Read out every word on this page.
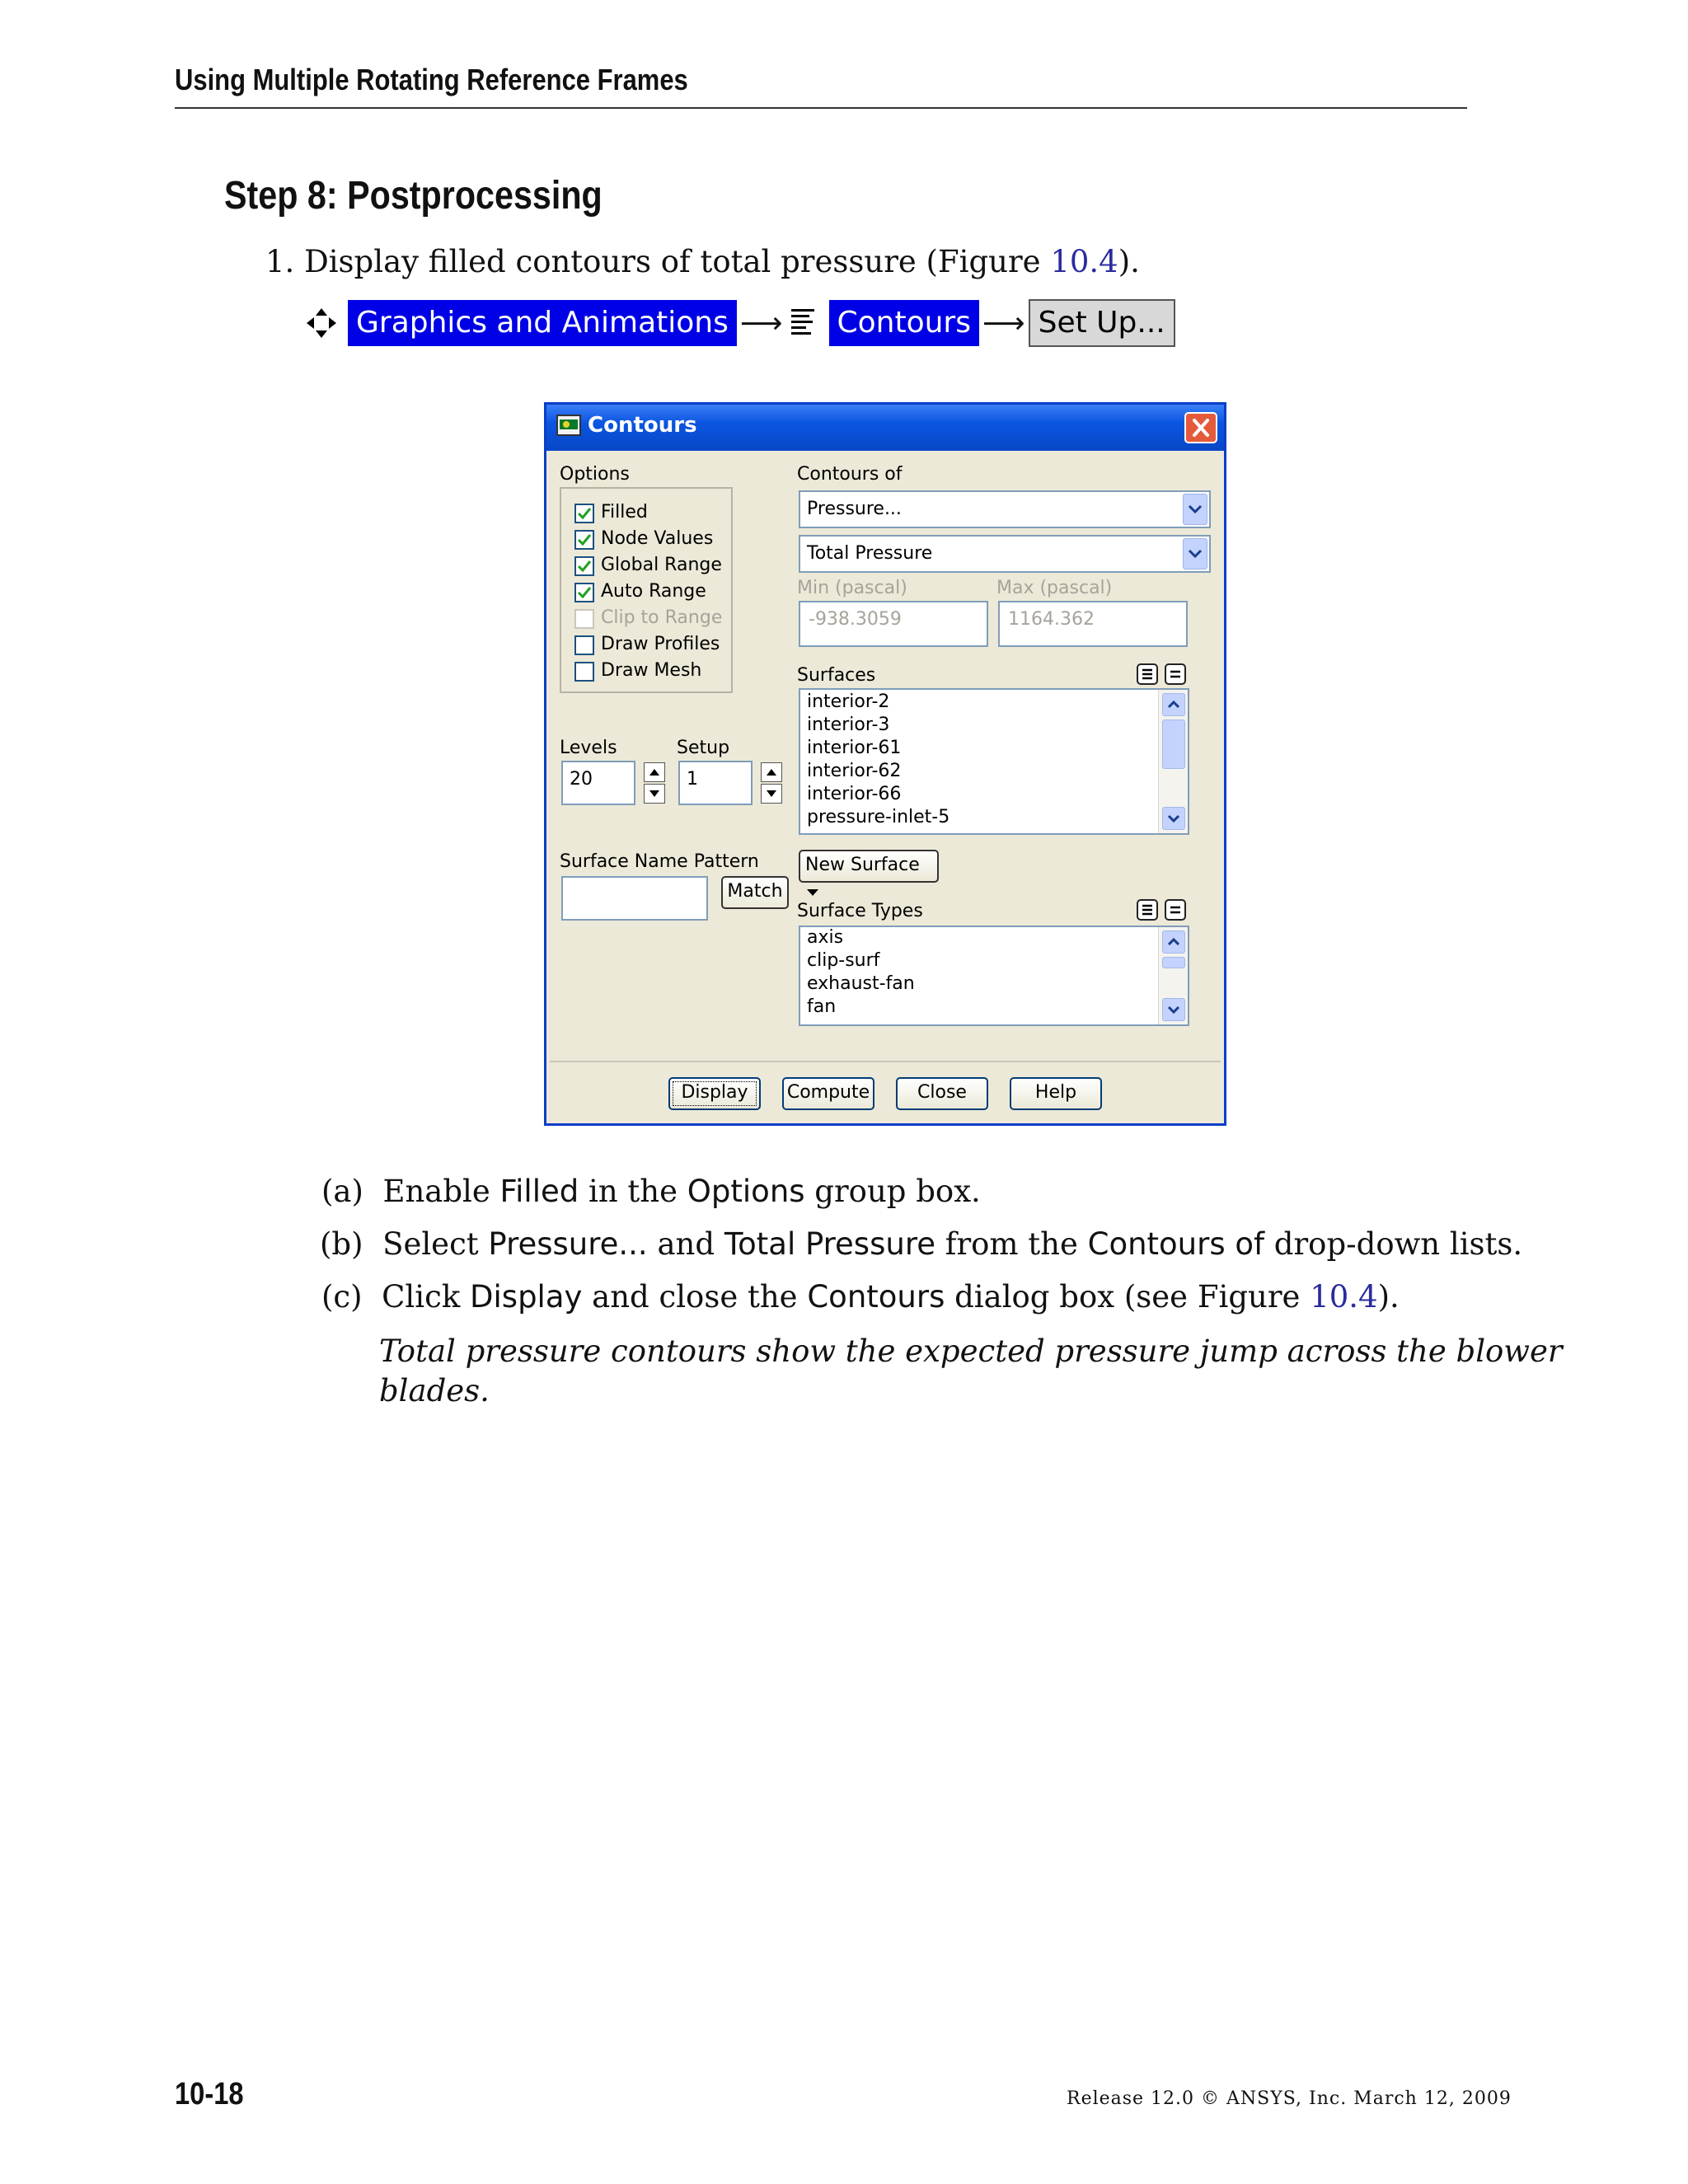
Using Multiple Rotating Reference Frames
Step 8: Postprocessing
1. Display filled contours of total pressure (Figure 10.4).
Graphics and Animations ⟶ Contours ⟶ Set Up...
Contours
Options
Filled
Node Values
Global Range
Auto Range
Clip to Range
Draw Profiles
Draw Mesh
Levels
20
Setup
1
Surface Name Pattern
Match
Contours of
Pressure...
Total Pressure
Min (pascal)	Max (pascal)
-938.3059	1164.362
Surfaces
interior-2
interior-3
interior-61
interior-62
interior-66
pressure-inlet-5
New Surface
Surface Types
axis
clip-surf
exhaust-fan
fan
Display	Compute	Close	Help
(a) Enable Filled in the Options group box.
(b) Select Pressure... and Total Pressure from the Contours of drop-down lists.
(c) Click Display and close the Contours dialog box (see Figure 10.4).
Total pressure contours show the expected pressure jump across the blower
blades.
10-18	Release 12.0 © ANSYS, Inc. March 12, 2009
